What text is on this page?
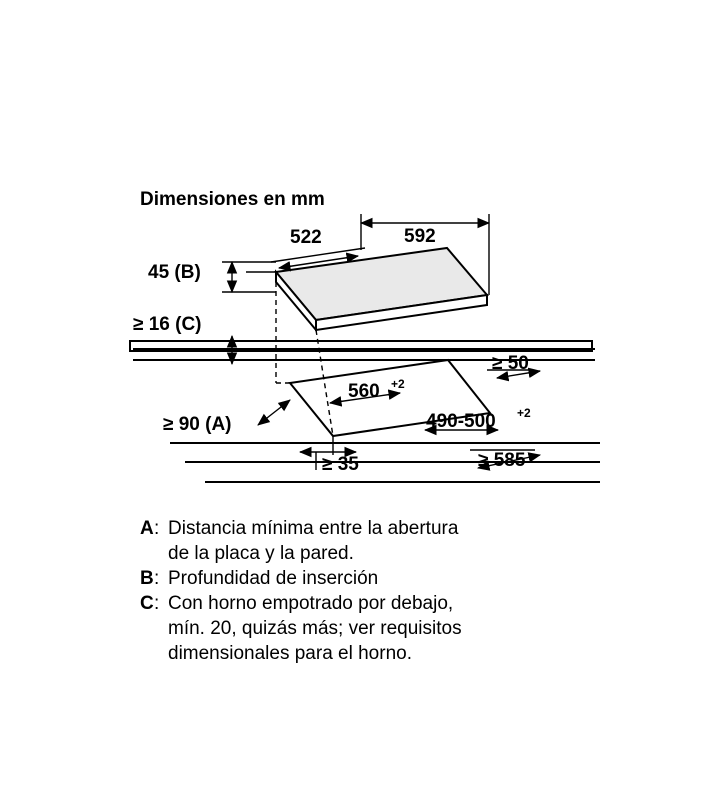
Dimensiones en mm
592
522
45 (B)
≥ 16 (C)
560 +2
490-500 +2
≥ 50
≥ 90 (A)
≥ 35	≥ 585
A : Distancia mínima entre la abertura
de la placa y la pared.
B : Profundidad de inserción
C : Con horno empotrado por debajo,
mín. 20, quizás más; ver requisitos
dimensionales para el horno.
